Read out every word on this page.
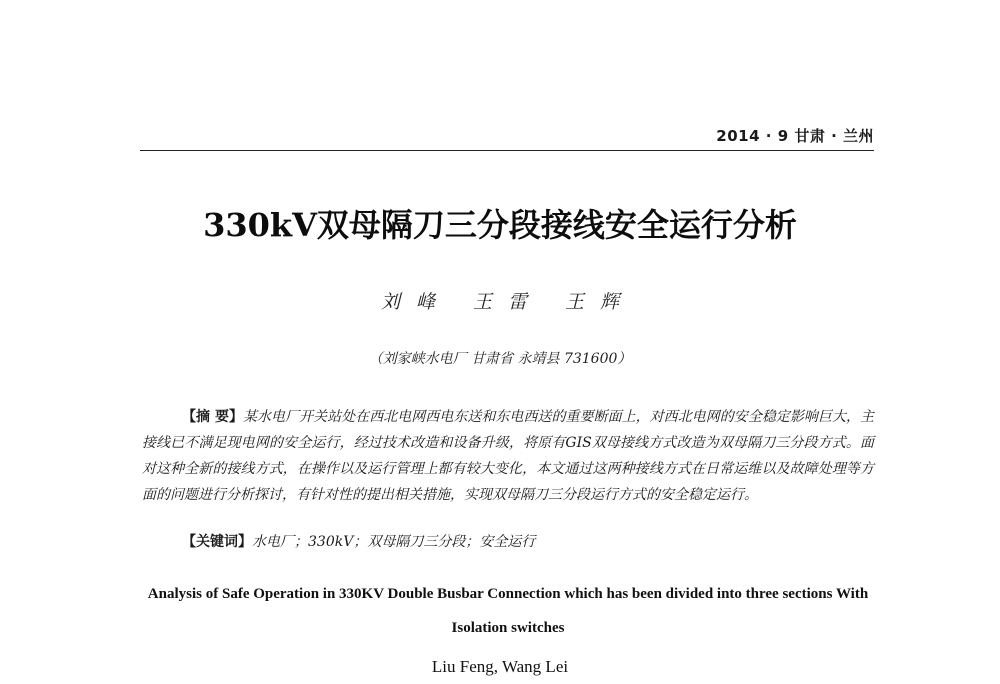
2014 · 9 甘肃 · 兰州
330kV双母隔刀三分段接线安全运行分析
刘峰 王雷 王辉
（刘家峡水电厂 甘肃省 永靖县 731600）
【摘 要】某水电厂开关站处在西北电网西电东送和东电西送的重要断面上，对西北电网的安全稳定影响巨大，主接线已不满足现电网的安全运行，经过技术改造和设备升级，将原有GIS双母接线方式改造为双母隔刀三分段方式。面对这种全新的接线方式，在操作以及运行管理上都有较大变化，本文通过这两种接线方式在日常运维以及故障处理等方面的问题进行分析探讨，有针对性的提出相关措施，实现双母隔刀三分段运行方式的安全稳定运行。
【关键词】水电厂；330kV；双母隔刀三分段；安全运行
Analysis of Safe Operation in 330KV Double Busbar Connection which has been divided into three sections With Isolation switches
Liu Feng, Wang Lei
